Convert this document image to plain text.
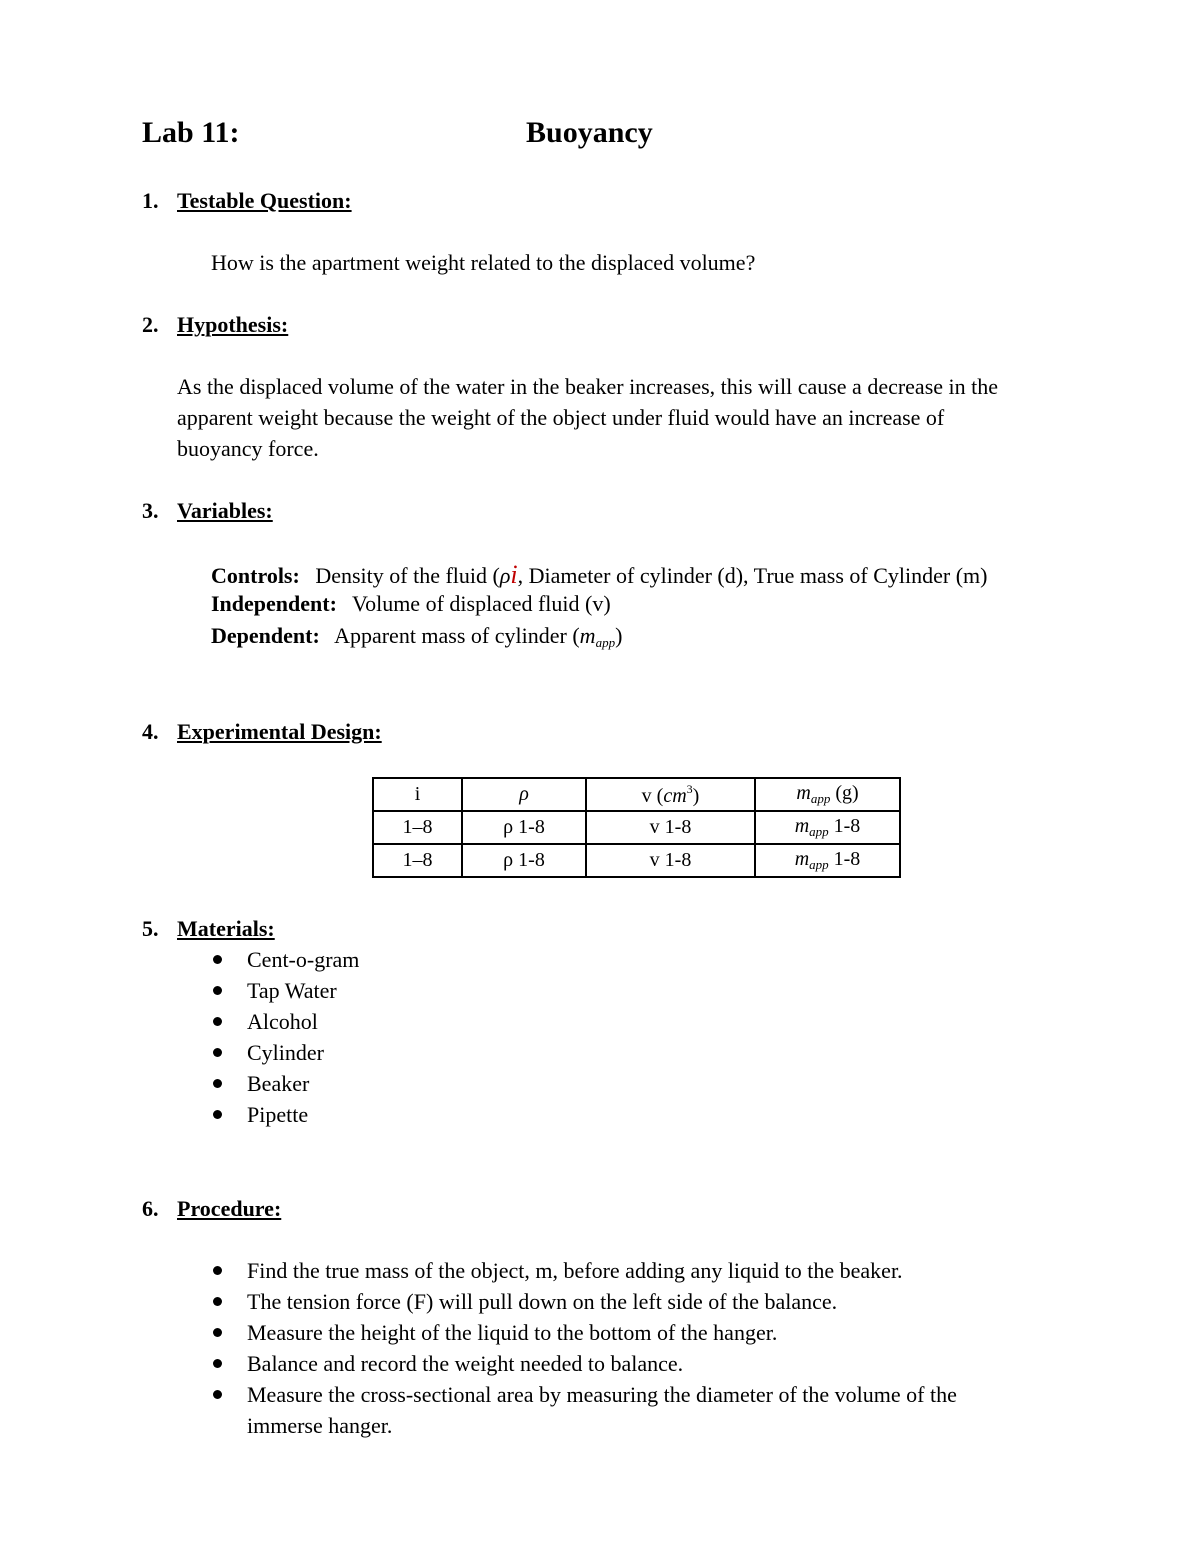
Lab 11:	Buoyancy
1. Testable Question:
How is the apartment weight related to the displaced volume?
2. Hypothesis:
As the displaced volume of the water in the beaker increases, this will cause a decrease in the
apparent weight because the weight of the object under fluid would have an increase of
buoyancy force.
3. Variables:
Controls: Density of the fluid (ρi, Diameter of cylinder (d), True mass of Cylinder (m)
Independent: Volume of displaced fluid (v)
Dependent: Apparent mass of cylinder $(m_{app})$
4. Experimental Design:
i	ρ	v $(cm^3)$	$m_{app}$ (g)
1–8	ρ 1-8	v 1-8	$m_{app}$ 1-8
1–8	ρ 1-8	v 1-8	$m_{app}$ 1-8
5. Materials:
Cent-o-gram
Tap Water
Alcohol
Cylinder
Beaker
Pipette
6. Procedure:
Find the true mass of the object, m, before adding any liquid to the beaker.
The tension force (F) will pull down on the left side of the balance.
Measure the height of the liquid to the bottom of the hanger.
Balance and record the weight needed to balance.
Measure the cross-sectional area by measuring the diameter of the volume of the
immerse hanger.
